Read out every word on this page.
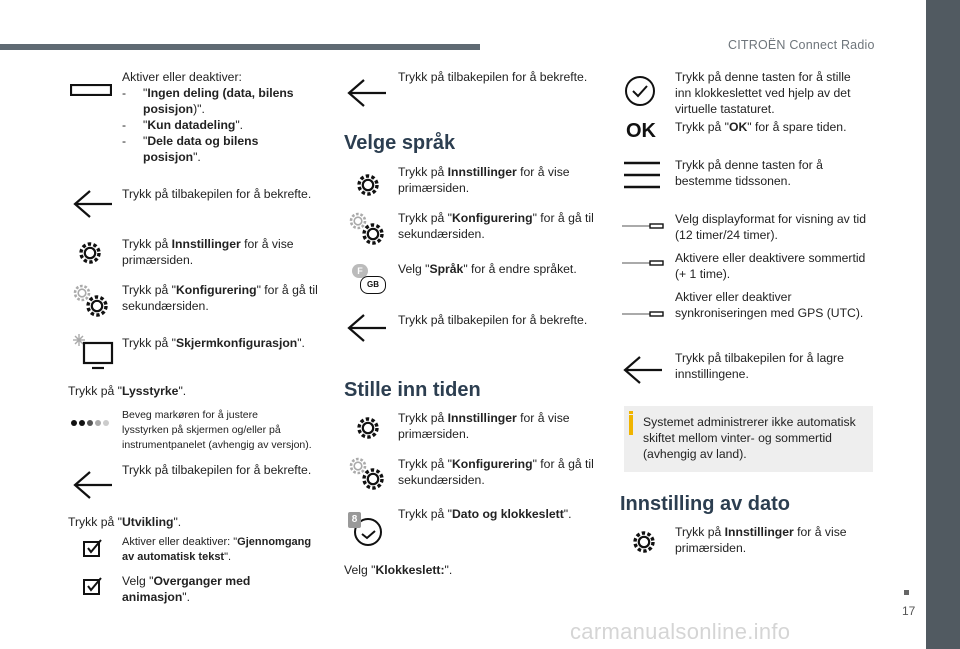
CITROËN Connect Radio
17
carmanualsonline.info
Aktiver eller deaktiver:
- "Ingen deling (data, bilens
posisjon)".
- "Kun datadeling".
- "Dele data og bilens
posisjon".
Trykk på tilbakepilen for å bekrefte.
Trykk på Innstillinger for å vise
primærsiden.
Trykk på "Konfigurering" for å gå til
sekundærsiden.
Trykk på "Skjermkonfigurasjon".
Trykk på "Lysstyrke".
Beveg markøren for å justere
lysstyrken på skjermen og/eller på
instrumentpanelet (avhengig av versjon).
Trykk på tilbakepilen for å bekrefte.
Trykk på "Utvikling".
Aktiver eller deaktiver: "Gjennomgang
av automatisk tekst".
Velg "Overganger med
animasjon".
Trykk på tilbakepilen for å bekrefte.
Velge språk
Trykk på Innstillinger for å vise
primærsiden.
Trykk på "Konfigurering" for å gå til
sekundærsiden.
F
GB
Velg "Språk" for å endre språket.
Trykk på tilbakepilen for å bekrefte.
Stille inn tiden
Trykk på Innstillinger for å vise
primærsiden.
Trykk på "Konfigurering" for å gå til
sekundærsiden.
8	Trykk på "Dato og klokkeslett".
Velg "Klokkeslett:".
Trykk på denne tasten for å stille
inn klokkeslettet ved hjelp av det
virtuelle tastaturet.
OK Trykk på "OK" for å spare tiden.
Trykk på denne tasten for å
bestemme tidssonen.
Velg displayformat for visning av tid
(12 timer/24 timer).
Aktivere eller deaktivere sommertid
(+ 1 time).
Aktiver eller deaktiver
synkroniseringen med GPS (UTC).
Trykk på tilbakepilen for å lagre
innstillingene.
Systemet administrerer ikke automatisk
skiftet mellom vinter- og sommertid
(avhengig av land).
Innstilling av dato
Trykk på Innstillinger for å vise
primærsiden.
